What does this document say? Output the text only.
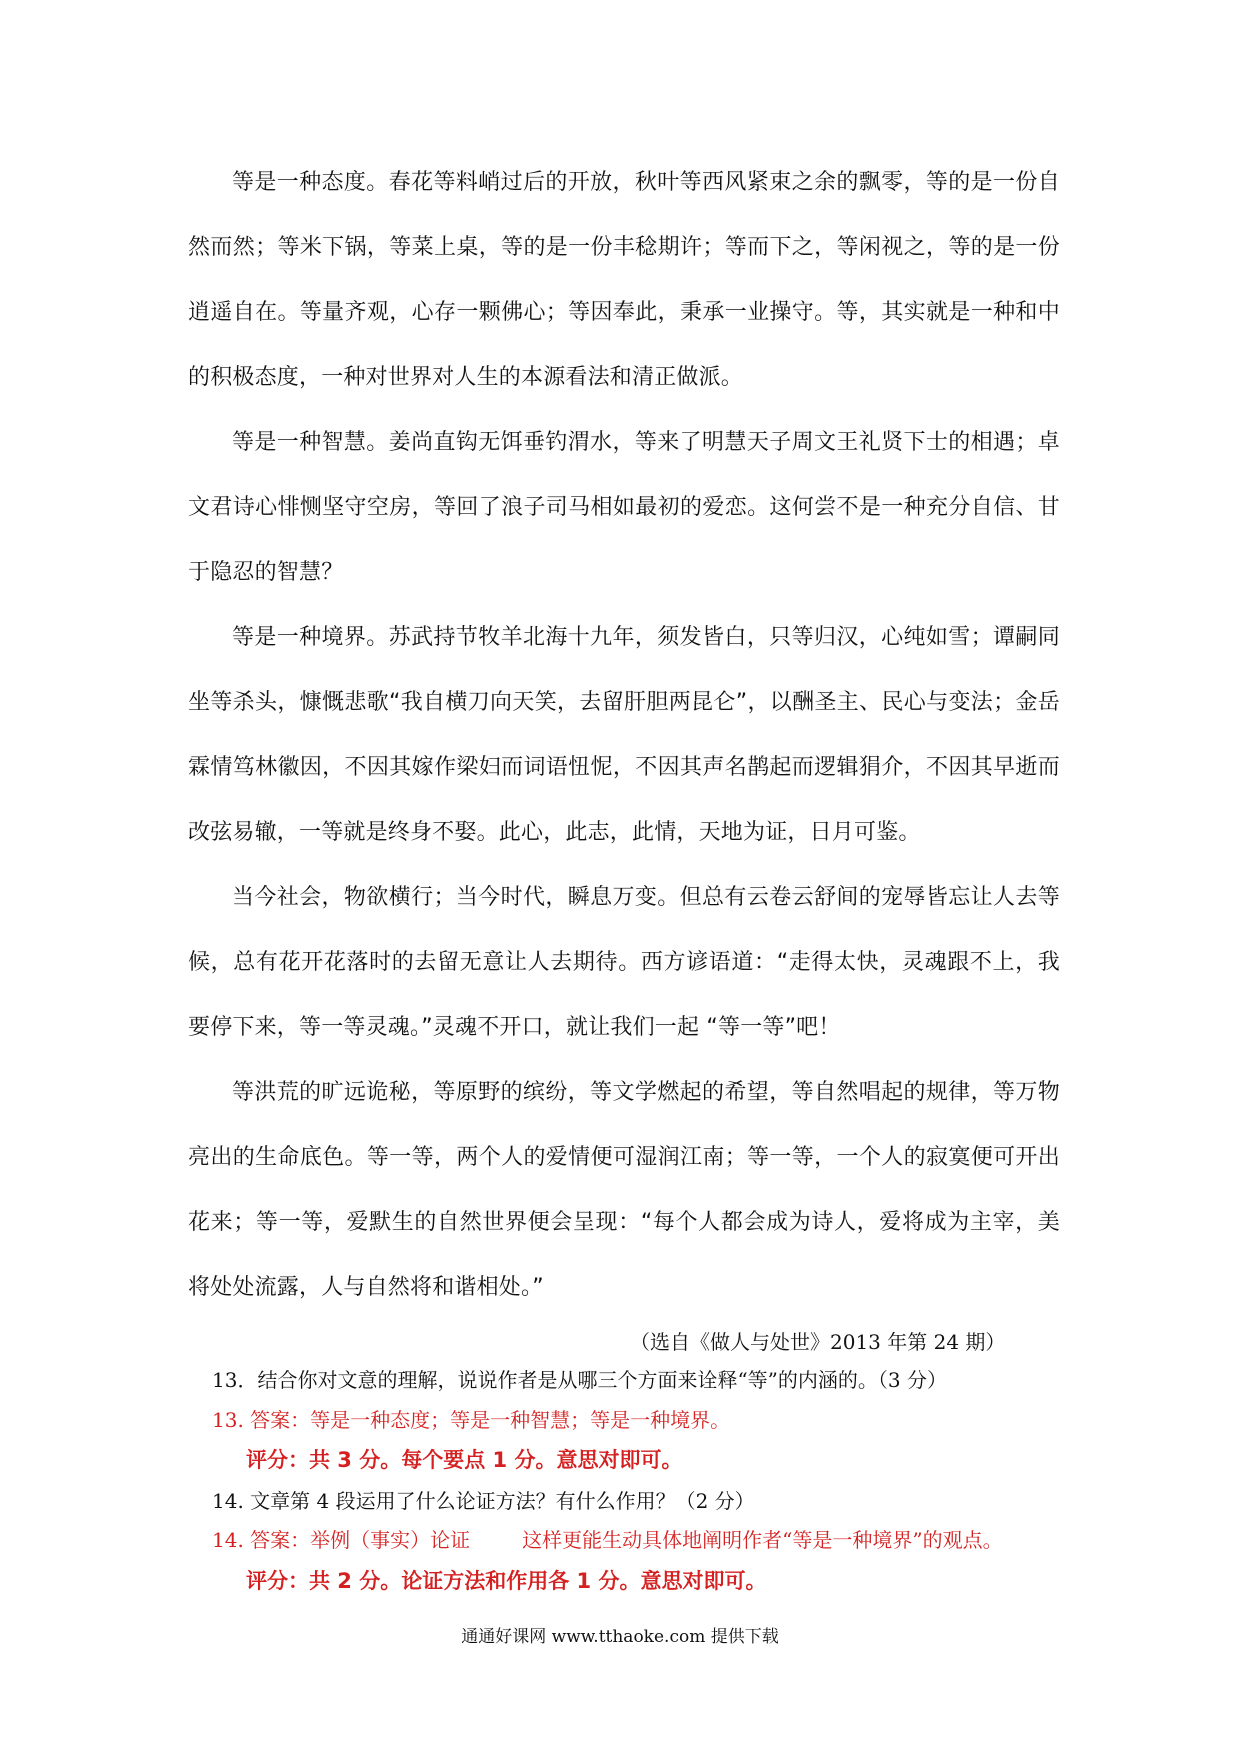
等是一种态度。春花等料峭过后的开放，秋叶等西风紧束之余的飘零，等的是一份自然而然；等米下锅，等菜上桌，等的是一份丰稔期许；等而下之，等闲视之，等的是一份逍遥自在。等量齐观，心存一颗佛心；等因奉此，秉承一业操守。等，其实就是一种和中的积极态度，一种对世界对人生的本源看法和清正做派。

等是一种智慧。姜尚直钩无饵垂钓渭水，等来了明慧天子周文王礼贤下士的相遇；卓文君诗心悱恻坚守空房，等回了浪子司马相如最初的爱恋。这何尝不是一种充分自信、甘于隐忍的智慧？

等是一种境界。苏武持节牧羊北海十九年，须发皆白，只等归汉，心纯如雪；谭嗣同坐等杀头，慷慨悲歌“我自横刀向天笑，去留肝胆两昆仑”，以酬圣主、民心与变法；金岳霖情笃林徽因，不因其嫁作梁妇而词语忸怩，不因其声名鹊起而逻辑狷介，不因其早逝而改弦易辙，一等就是终身不娶。此心，此志，此情，天地为证，日月可鉴。

当今社会，物欲横行；当今时代，瞬息万变。但总有云卷云舒间的宠辱皆忘让人去等候，总有花开花落时的去留无意让人去期待。西方谚语道：“走得太快，灵魂跟不上，我要停下来，等一等灵魂。”灵魂不开口，就让我们一起 “等一等”吧！

等洪荒的旷远诡秘，等原野的缤纷，等文学燃起的希望，等自然唱起的规律，等万物亮出的生命底色。等一等，两个人的爱情便可湿润江南；等一等，一个人的寂寞便可开出花来；等一等，爱默生的自然世界便会呈现：“每个人都会成为诗人，爱将成为主宰，美将处处流露，人与自然将和谐相处。”

（选自《做人与处世》2013 年第 24 期）
13．结合你对文意的理解，说说作者是从哪三个方面来诠释“等”的内涵的。（3 分）
13. 答案：等是一种态度；等是一种智慧；等是一种境界。
评分：共 3 分。每个要点 1 分。意思对即可。
14. 文章第 4 段运用了什么论证方法？有什么作用？（2 分）
14. 答案：举例（事实）论证	这样更能生动具体地阐明作者“等是一种境界”的观点。
评分：共 2 分。论证方法和作用各 1 分。意思对即可。
通通好课网 www.tthaoke.com 提供下载
